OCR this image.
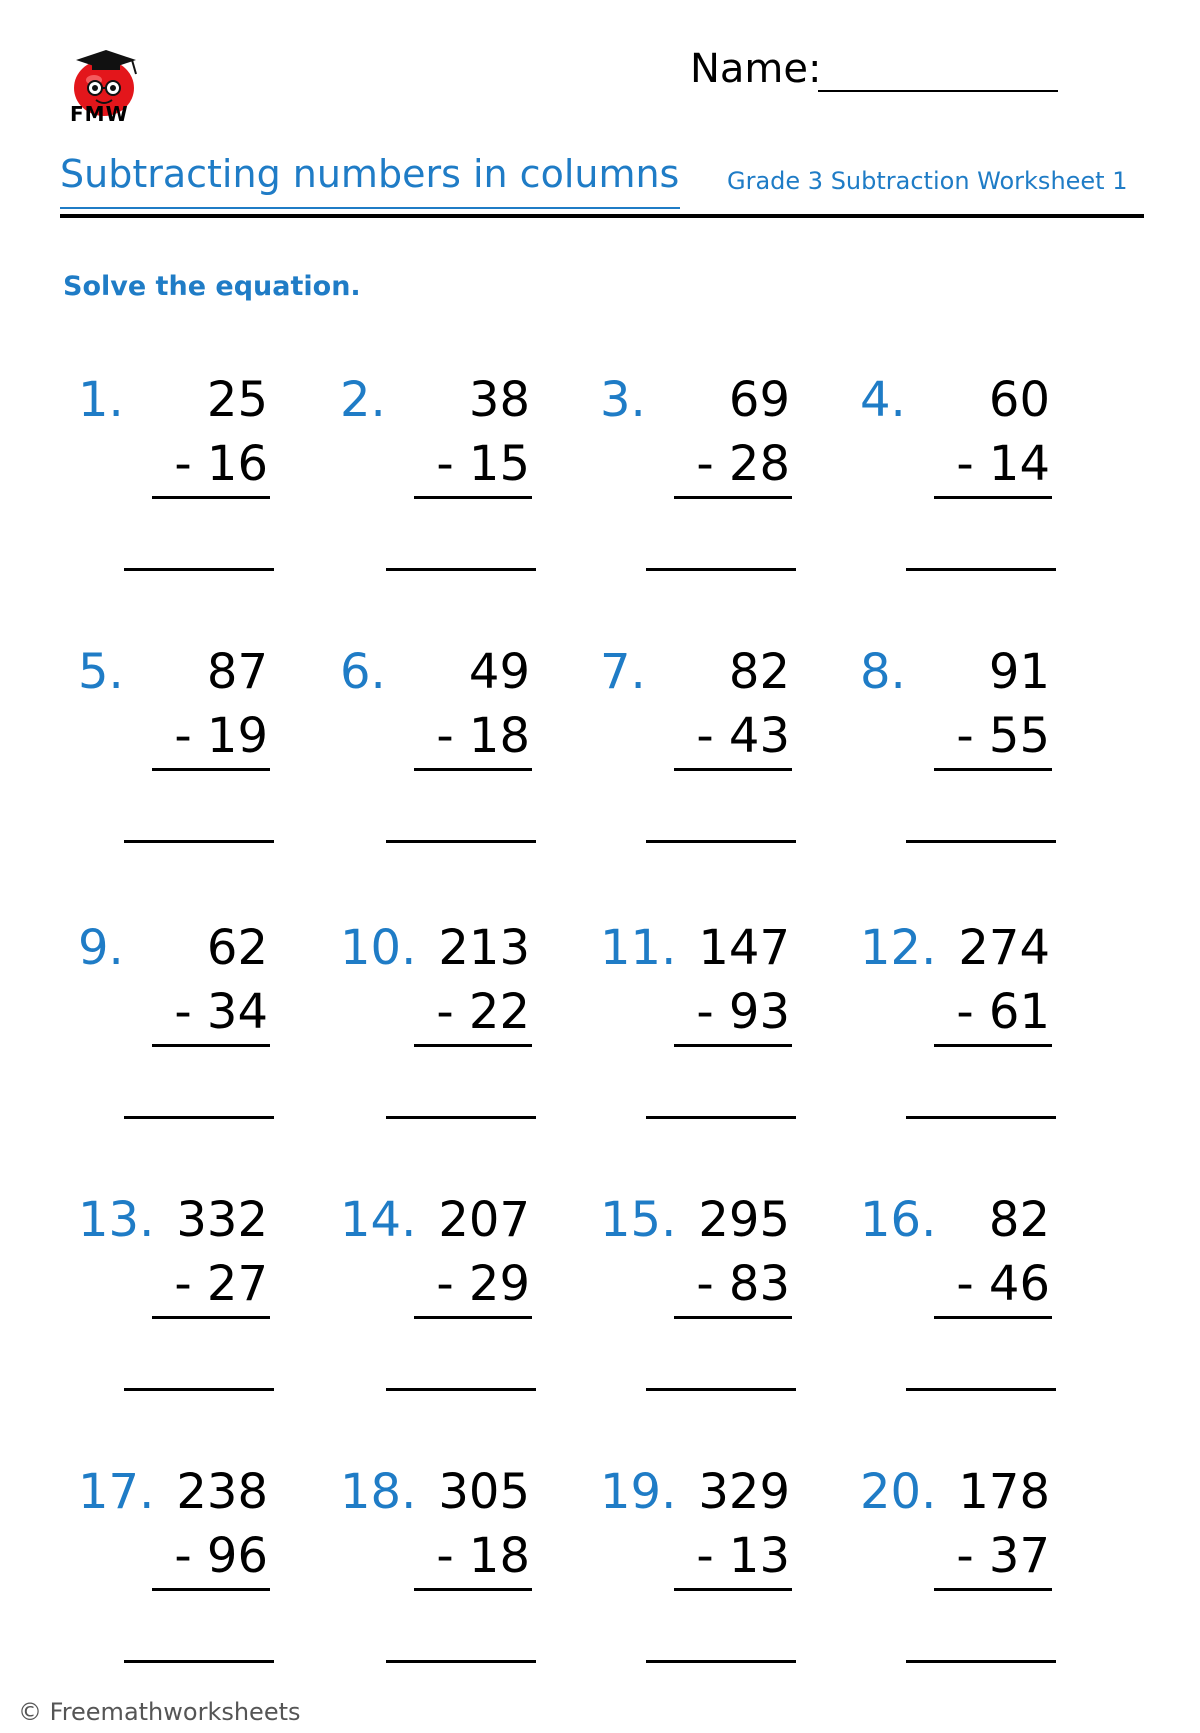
FMW
Name:
Subtracting numbers in columns Grade 3 Subtraction Worksheet 1
Solve the equation.
1. 25
- 16
2. 38
- 15
3. 69
- 28
4. 60
- 14
5. 87
- 19
6. 49
- 18
7. 82
- 43
8. 91
- 55
9. 62
- 34
10. 213
- 22
11. 147
- 93
12. 274
- 61
13. 332
- 27
14. 207
- 29
15. 295
- 83
16. 82
- 46
17. 238
- 96
18. 305
- 18
19. 329
- 13
20. 178
- 37
© Freemathworksheets
